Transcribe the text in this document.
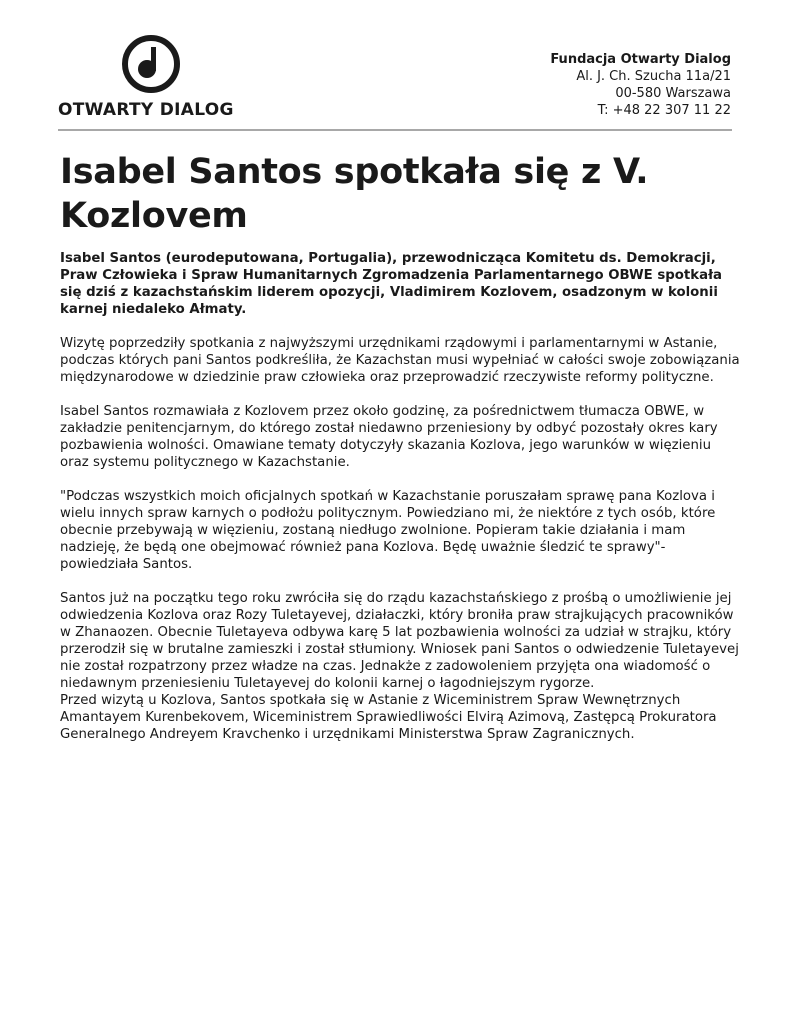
OTWARTY DIALOG
Fundacja Otwarty Dialog
Al. J. Ch. Szucha 11a/21
00-580 Warszawa
T: +48 22 307 11 22
Isabel Santos spotkała się z V. Kozlovem

Isabel Santos (eurodeputowana, Portugalia), przewodnicząca Komitetu ds. Demokracji, Praw Człowieka i Spraw Humanitarnych Zgromadzenia Parlamentarnego OBWE spotkała się dziś z kazachstańskim liderem opozycji, Vladimirem Kozlovem, osadzonym w kolonii karnej niedaleko Ałmaty.

Wizytę poprzedziły spotkania z najwyższymi urzędnikami rządowymi i parlamentarnymi w Astanie, podczas których pani Santos podkreśliła, że Kazachstan musi wypełniać w całości swoje zobowiązania międzynarodowe w dziedzinie praw człowieka oraz przeprowadzić rzeczywiste reformy polityczne.

Isabel Santos rozmawiała z Kozlovem przez około godzinę, za pośrednictwem tłumacza OBWE, w zakładzie penitencjarnym, do którego został niedawno przeniesiony by odbyć pozostały okres kary pozbawienia wolności. Omawiane tematy dotyczyły skazania Kozlova, jego warunków w więzieniu oraz systemu politycznego w Kazachstanie.

"Podczas wszystkich moich oficjalnych spotkań w Kazachstanie poruszałam sprawę pana Kozlova i wielu innych spraw karnych o podłożu politycznym. Powiedziano mi, że niektóre z tych osób, które obecnie przebywają w więzieniu, zostaną niedługo zwolnione. Popieram takie działania i mam nadzieję, że będą one obejmować również pana Kozlova. Będę uważnie śledzić te sprawy"- powiedziała Santos.

Santos już na początku tego roku zwróciła się do rządu kazachstańskiego z prośbą o umożliwienie jej odwiedzenia Kozlova oraz Rozy Tuletayevej, działaczki, który broniła praw strajkujących pracowników w Zhanaozen. Obecnie Tuletayeva odbywa karę 5 lat pozbawienia wolności za udział w strajku, który przerodził się w brutalne zamieszki i został stłumiony. Wniosek pani Santos o odwiedzenie Tuletayevej nie został rozpatrzony przez władze na czas. Jednakże z zadowoleniem przyjęta ona wiadomość o niedawnym przeniesieniu Tuletayevej do kolonii karnej o łagodniejszym rygorze.

Przed wizytą u Kozlova, Santos spotkała się w Astanie z Wiceministrem Spraw Wewnętrznych Amantayem Kurenbekovem, Wiceministrem Sprawiedliwości Elvirą Azimovą, Zastępcą Prokuratora Generalnego Andreyem Kravchenko i urzędnikami Ministerstwa Spraw Zagranicznych.
